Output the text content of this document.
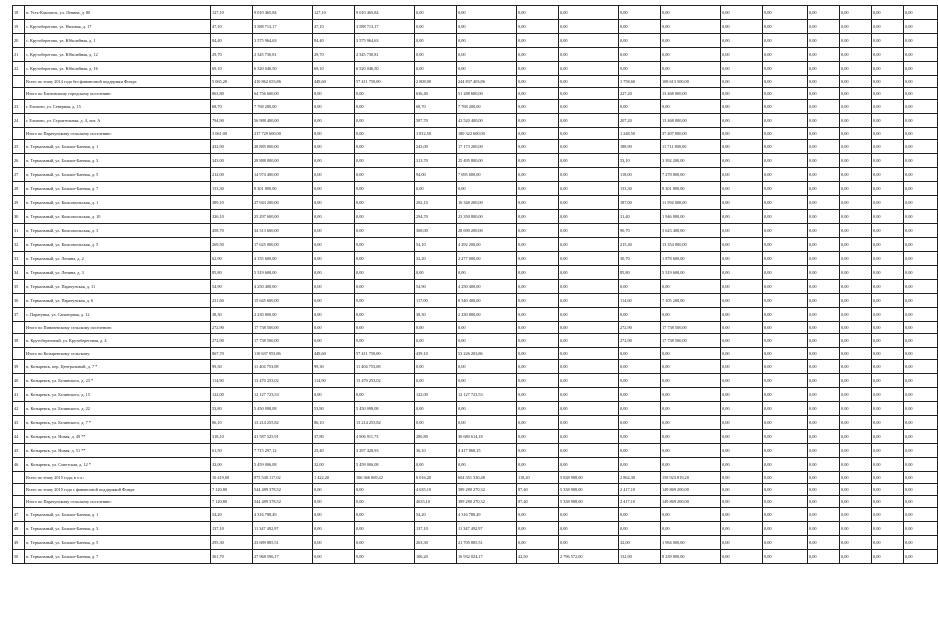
18	п. Усть-Камчатск, ул. Ленина, д. 80	127,10	9 010 465,84	127,10	9 010 465,84	0,00	0,00	0,00	0,00	0,00	0,00	0,00	0,00	0,00	0,00	0,00	0,00
19	с. Крутоберегово, ул. Низовая, д. 17	47,10	3 588 713,17	47,10	3 588 713,17	0,00	0,00	0,00	0,00	0,00	0,00	0,00	0,00	0,00	0,00	0,00	0,00
20	с. Крутоберегово, ул. Юбилейная, д. 1	84,40	3 575 964,63	84,40	3 575 964,63	0,00	0,00	0,00	0,00	0,00	0,00	0,00	0,00	0,00	0,00	0,00	0,00
21	с. Крутоберегово, ул. Юбилейная, д. 12	29,70	2 345 730,81	29,70	2 345 730,81	0,00	0,00	0,00	0,00	0,00	0,00	0,00	0,00	0,00	0,00	0,00	0,00
22	с. Крутоберегово, ул. Юбилейная, д. 16	69,10	6 520 046,50	69,10	6 520 046,50	0,00	0,00	0,00	0,00	0,00	0,00	0,00	0,00	0,00	0,00	0,00	0,00
	Всего по этапу 2014 года без финансовой поддержки Фонда:	5 065,20	410 862 653,86	448,60	57 411 750,00	2 808,00	244 837 403,86	0,00	0,00	1 758,60	108 613 500,00	0,00	0,00	0,00	0,00	0,00	0,00
	Итого по Елизовскому городскому поселению:	863,80	64 756 600,00	0,00	0,00	636,40	51 288 600,00	0,00	0,00	227,20	13 468 000,00	0,00	0,00	0,00	0,00	0,00	0,00
23	г. Елизово, ул. Северная, д. 15	68,70	7 768 200,00	0,00	0,00	68,70	7 768 200,00	0,00	0,00	0,00	0,00	0,00	0,00	0,00	0,00	0,00	0,00
24	г. Елизово, ул. Строительная, д. 4, лит. А	794,90	56 988 400,00	0,00	0,00	587,70	43 520 400,00	0,00	0,00	207,20	13 468 000,00	0,00	0,00	0,00	0,00	0,00	0,00
	Итого по Паратунскому сельскому поселению:	3 061,00	217 729 600,00	0,00	0,00	1 812,50	180 322 600,00	0,00	0,00	1 248,50	37 407 000,00	0,00	0,00	0,00	0,00	0,00	0,00
25	п. Термальный, ул. Больше-Банная, д. 1	432,90	28 885 000,00	0,00	0,00	243,00	17 173 200,00	0,00	0,00	188,90	11 711 800,00	0,00	0,00	0,00	0,00	0,00	0,00
26	п. Термальный, ул. Больше-Банная, д. 3	343,00	28 888 000,00	0,00	0,00	313,70	25 495 800,00	0,00	0,00	53,10	3 392 200,00	0,00	0,00	0,00	0,00	0,00	0,00
27	п. Термальный, ул. Больше-Банная, д. 5	212,00	14 974 400,00	0,00	0,00	94,00	7 695 600,00	0,00	0,00	118,00	7 278 800,00	0,00	0,00	0,00	0,00	0,00	0,00
28	п. Термальный, ул. Больше-Банная, д. 7	133,30	8 301 800,00	0,00	0,00	0,00	0,00	0,00	0,00	133,30	8 301 800,00	0,00	0,00	0,00	0,00	0,00	0,00
29	п. Термальный, ул. Комсомольская, д. 1	389,10	27 943 200,00	0,00	0,00	202,10	16 348 200,00	0,00	0,00	187,00	11 594 000,00	0,00	0,00	0,00	0,00	0,00	0,00
30	п. Термальный, ул. Комсомольская, д. 10	326,10	25 297 600,00	0,00	0,00	294,70	23 350 800,00	0,00	0,00	31,40	1 946 800,00	0,00	0,00	0,00	0,00	0,00	0,00
31	п. Термальный, ул. Комсомольская, д. 3	458,70	34 313 600,00	0,00	0,00	368,00	28 690 200,00	0,00	0,00	90,70	5 623 400,00	0,00	0,00	0,00	0,00	0,00	0,00
32	п. Термальный, ул. Комсомольская, д. 5	269,50	17 625 000,00	0,00	0,00	54,10	4 292 200,00	0,00	0,00	215,40	13 354 800,00	0,00	0,00	0,00	0,00	0,00	0,00
33	п. Термальный, ул. Ленина, д. 2	62,90	4 155 600,00	0,00	0,00	32,20	2 277 000,00	0,00	0,00	30,70	1 878 600,00	0,00	0,00	0,00	0,00	0,00	0,00
34	п. Термальный, ул. Ленина, д. 3	85,80	5 319 600,00	0,00	0,00	0,00	0,00	0,00	0,00	85,80	5 319 600,00	0,00	0,00	0,00	0,00	0,00	0,00
35	п. Термальный, ул. Паратунская, д. 11	54,90	4 250 400,00	0,00	0,00	54,90	4 250 400,00	0,00	0,00	0,00	0,00	0,00	0,00	0,00	0,00	0,00	0,00
36	п. Термальный, ул. Паратунская, д. 6	231,60	15 645 600,00	0,00	0,00	117,00	8 540 400,00	0,00	0,00	114,60	7 105 200,00	0,00	0,00	0,00	0,00	0,00	0,00
37	с. Паратунка, ул. Санаторная, д. 12	38,30	2 230 800,00	0,00	0,00	38,30	2 230 800,00	0,00	0,00	0,00	0,00	0,00	0,00	0,00	0,00	0,00	0,00
	Итого по Пиначевскому сельскому поселению:	272,90	17 738 500,00	0,00	0,00	0,00	0,00	0,00	0,00	272,90	17 738 500,00	0,00	0,00	0,00	0,00	0,00	0,00
38	п. Крутобереговый, ул. Крутобереговая, д. 4	272,90	17 738 500,00	0,00	0,00	0,00	0,00	0,00	0,00	272,90	17 738 500,00	0,00	0,00	0,00	0,00	0,00	0,00
	Итого по Козыревскому сельскому:	867,70	110 637 953,86	448,60	57 411 750,00	439,10	53 226 203,86	0,00	0,00	0,00	0,00	0,00	0,00	0,00	0,00	0,00	0,00
39	п. Козыревск, пер. Центральный, д. 7 *	99,30	11 404 753,08	99,30	11 404 753,08	0,00	0,00	0,00	0,00	0,00	0,00	0,00	0,00	0,00	0,00	0,00	0,00
40	п. Козыревск, ул. Белинского, д. 23 *	114,90	13 470 253,02	114,90	13 470 253,02	0,00	0,00	0,00	0,00	0,00	0,00	0,00	0,00	0,00	0,00	0,00	0,00
41	п. Козыревск, ул. Белинского, д. 15	122,00	12 127 723,53	0,00	0,00	122,00	12 127 723,53	0,00	0,00	0,00	0,00	0,00	0,00	0,00	0,00	0,00	0,00
42	п. Козыревск, ул. Белинского, д. 22	53,80	5 450 098,08	53,80	5 450 098,08	0,00	0,00	0,00	0,00	0,00	0,00	0,00	0,00	0,00	0,00	0,00	0,00
43	п. Козыревск, ул. Белинского, д. 7 *	86,10	13 214 255,82	86,10	13 214 255,82	0,00	0,00	0,00	0,00	0,00	0,00	0,00	0,00	0,00	0,00	0,00	0,00
44	п. Козыревск, ул. Новая, д. 49 **	318,10	41 587 525,91	37,80	4 906 911,73	280,80	36 680 614,18	0,00	0,00	0,00	0,00	0,00	0,00	0,00	0,00	0,00	0,00
45	п. Козыревск, ул. Новая, д. 51 **	61,50	7 715 297,12	25,40	3 297 428,93	36,10	4 417 868,15	0,00	0,00	0,00	0,00	0,00	0,00	0,00	0,00	0,00	0,00
46	п. Козыревск, ул. Советская, д. 12 *	32,00	5 459 006,08	32,00	5 459 006,08	0,00	0,00	0,00	0,00	0,00	0,00	0,00	0,00	0,00	0,00	0,00	0,00
	Всего по этапу 2015 года, в т.ч.:	10 419,00	875 540 117,02	1 422,20	106 366 069,42	6 016,20	604 351 330,48	118,20	5 838 908,00	2 862,30	158 923 819,20	0,00	0,00	0,00	0,00	0,00	0,00
	Всего по этапу 2015 года с финансовой поддержкой Фонда:	7 120,80	544 489 378,52	0,00	0,00	4 635,10	389 280 270,32	87,40	5 338 908,00	2 417,10	149 869 200,00	0,00	0,00	0,00	0,00	0,00	0,00
	Итого по Паратунскому сельскому поселению:	7 120,80	544 489 378,52	0,00	0,00	4635,10	389 280 270,32	87,40	5 338 908,00	2 417,10	149 869 200,00	0,00	0,00	0,00	0,00	0,00	0,00
47	п. Термальный, ул. Больше-Банная, д. 1	54,20	4 316 788,49	0,00	0,00	54,20	4 316 788,49	0,00	0,00	0,00	0,00	0,00	0,00	0,00	0,00	0,00	0,00
48	п. Термальный, ул. Больше-Банная, д. 3	137,10	11 347 492,97	0,00	0,00	137,10	11 347 492,97	0,00	0,00	0,00	0,00	0,00	0,00	0,00	0,00	0,00	0,00
49	п. Термальный, ул. Больше-Банная, д. 5	295,30	23 689 885,51	0,00	0,00	263,30	21 705 885,51	0,00	0,00	32,00	1 984 000,00	0,00	0,00	0,00	0,00	0,00	0,00
50	п. Термальный, ул. Больше-Банная, д. 7	361,70	27 968 596,17	0,00	0,00	106,20	16 932 024,17	42,50	2 796 572,00	132,90	8 239 800,00	0,00	0,00	0,00	0,00	0,00	0,00
